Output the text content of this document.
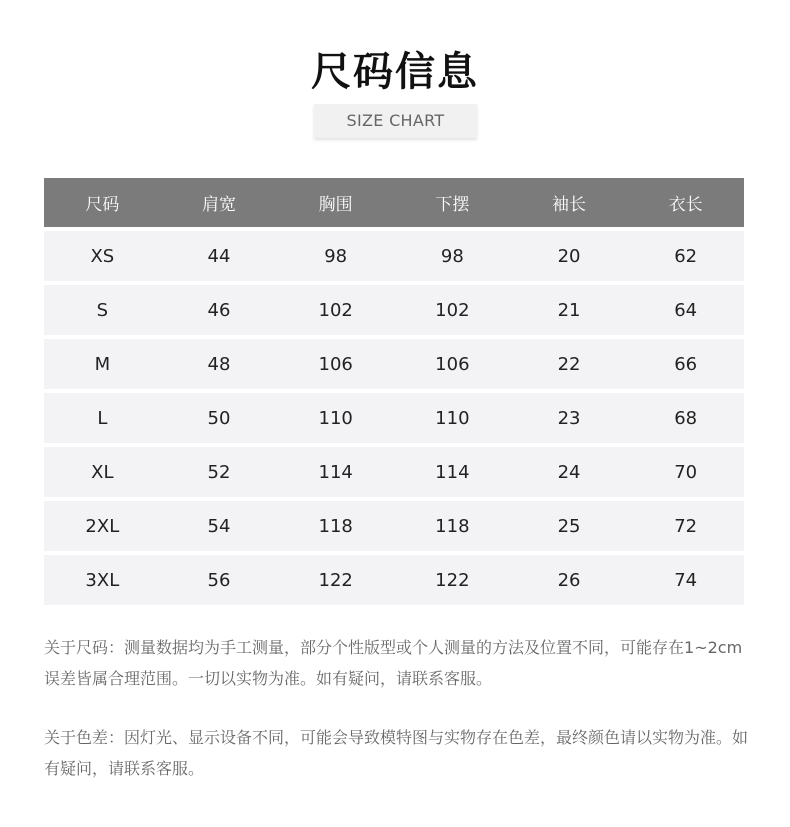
尺码信息
SIZE CHART
尺码	肩宽	胸围	下摆	袖长	衣长
XS	44	98	98	20	62
S	46	102	102	21	64
M	48	106	106	22	66
L	50	110	110	23	68
XL	52	114	114	24	70
2XL	54	118	118	25	72
3XL	56	122	122	26	74
关于尺码：测量数据均为手工测量，部分个性版型或个人测量的方法及位置不同，可能存在1~2cm误差皆属合理范围。一切以实物为准。如有疑问，请联系客服。
关于色差：因灯光、显示设备不同，可能会导致模特图与实物存在色差，最终颜色请以实物为准。如有疑问，请联系客服。
